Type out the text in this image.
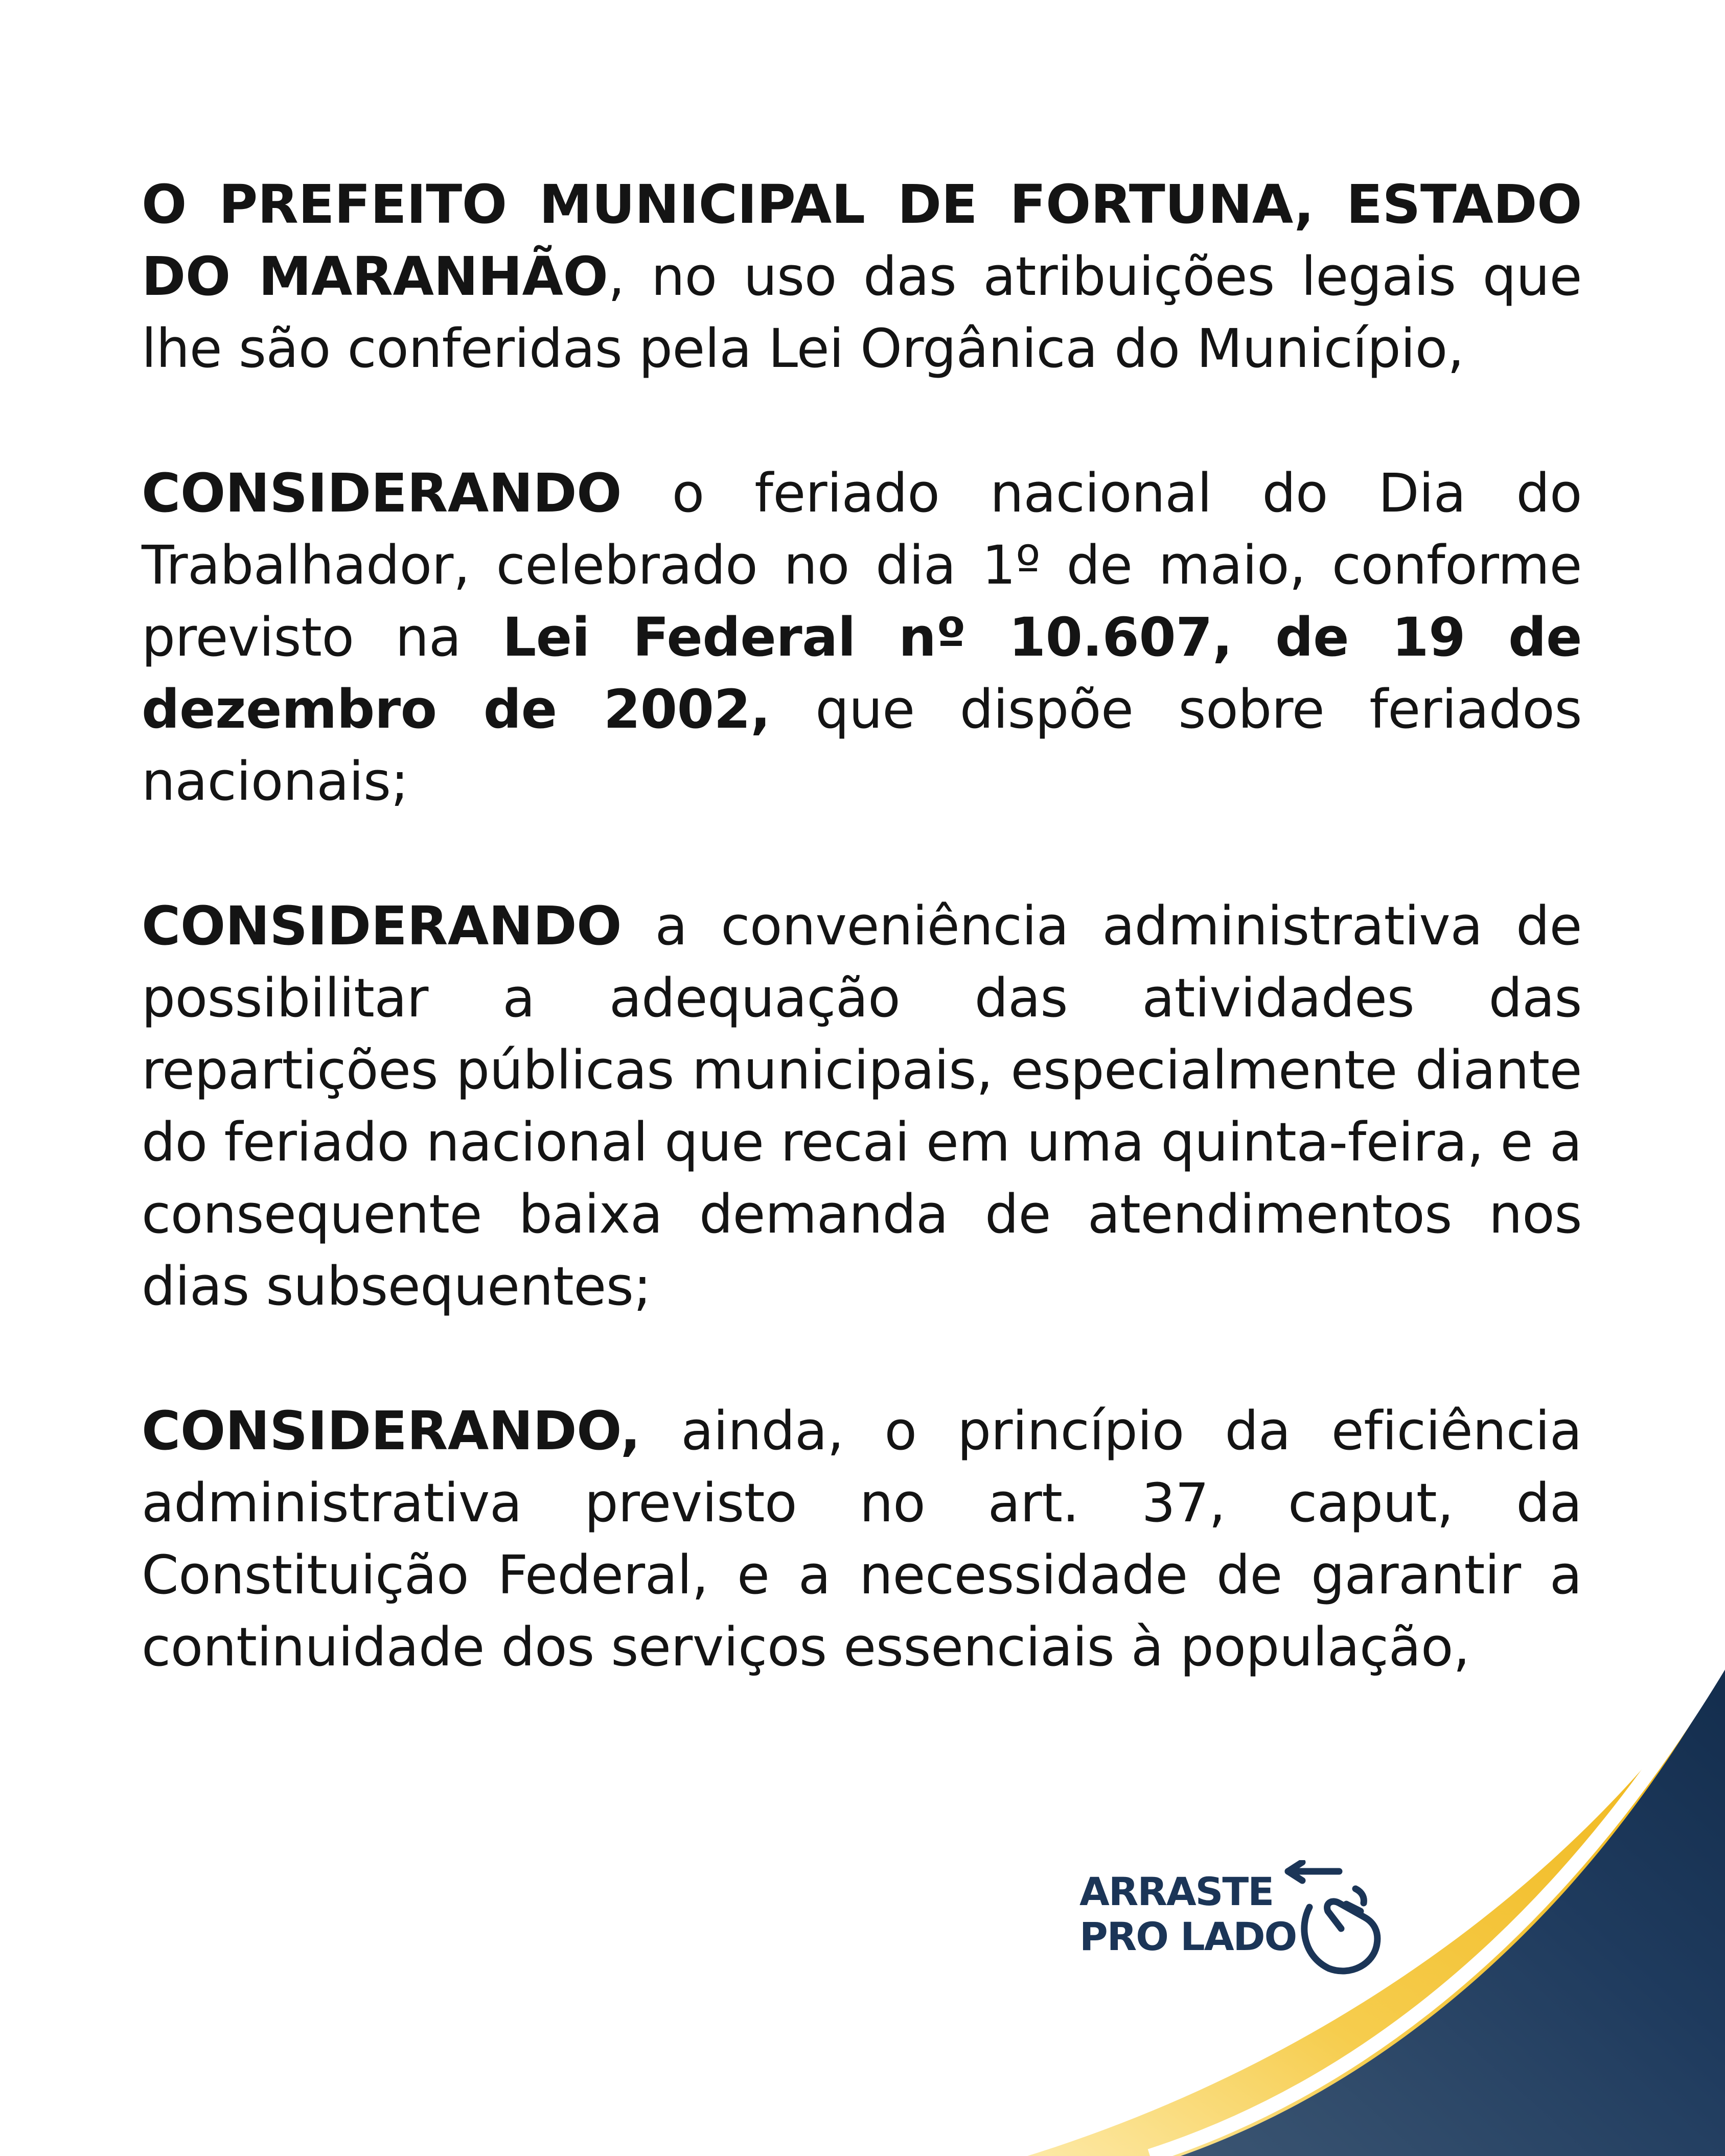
O PREFEITO MUNICIPAL DE FORTUNA, ESTADO DO MARANHÃO, no uso das atribuições legais que lhe são conferidas pela Lei Orgânica do Município,

CONSIDERANDO o feriado nacional do Dia do Trabalhador, celebrado no dia 1º de maio, conforme previsto na Lei Federal nº 10.607, de 19 de dezembro de 2002, que dispõe sobre feriados nacionais;

CONSIDERANDO a conveniência administrativa de possibilitar a adequação das atividades das repartições públicas municipais, especialmente diante do feriado nacional que recai em uma quinta-feira, e a consequente baixa demanda de atendimentos nos dias subsequentes;

CONSIDERANDO, ainda, o princípio da eficiência administrativa previsto no art. 37, caput, da Constituição Federal, e a necessidade de garantir a continuidade dos serviços essenciais à população,

ARRASTE
PRO LADO
